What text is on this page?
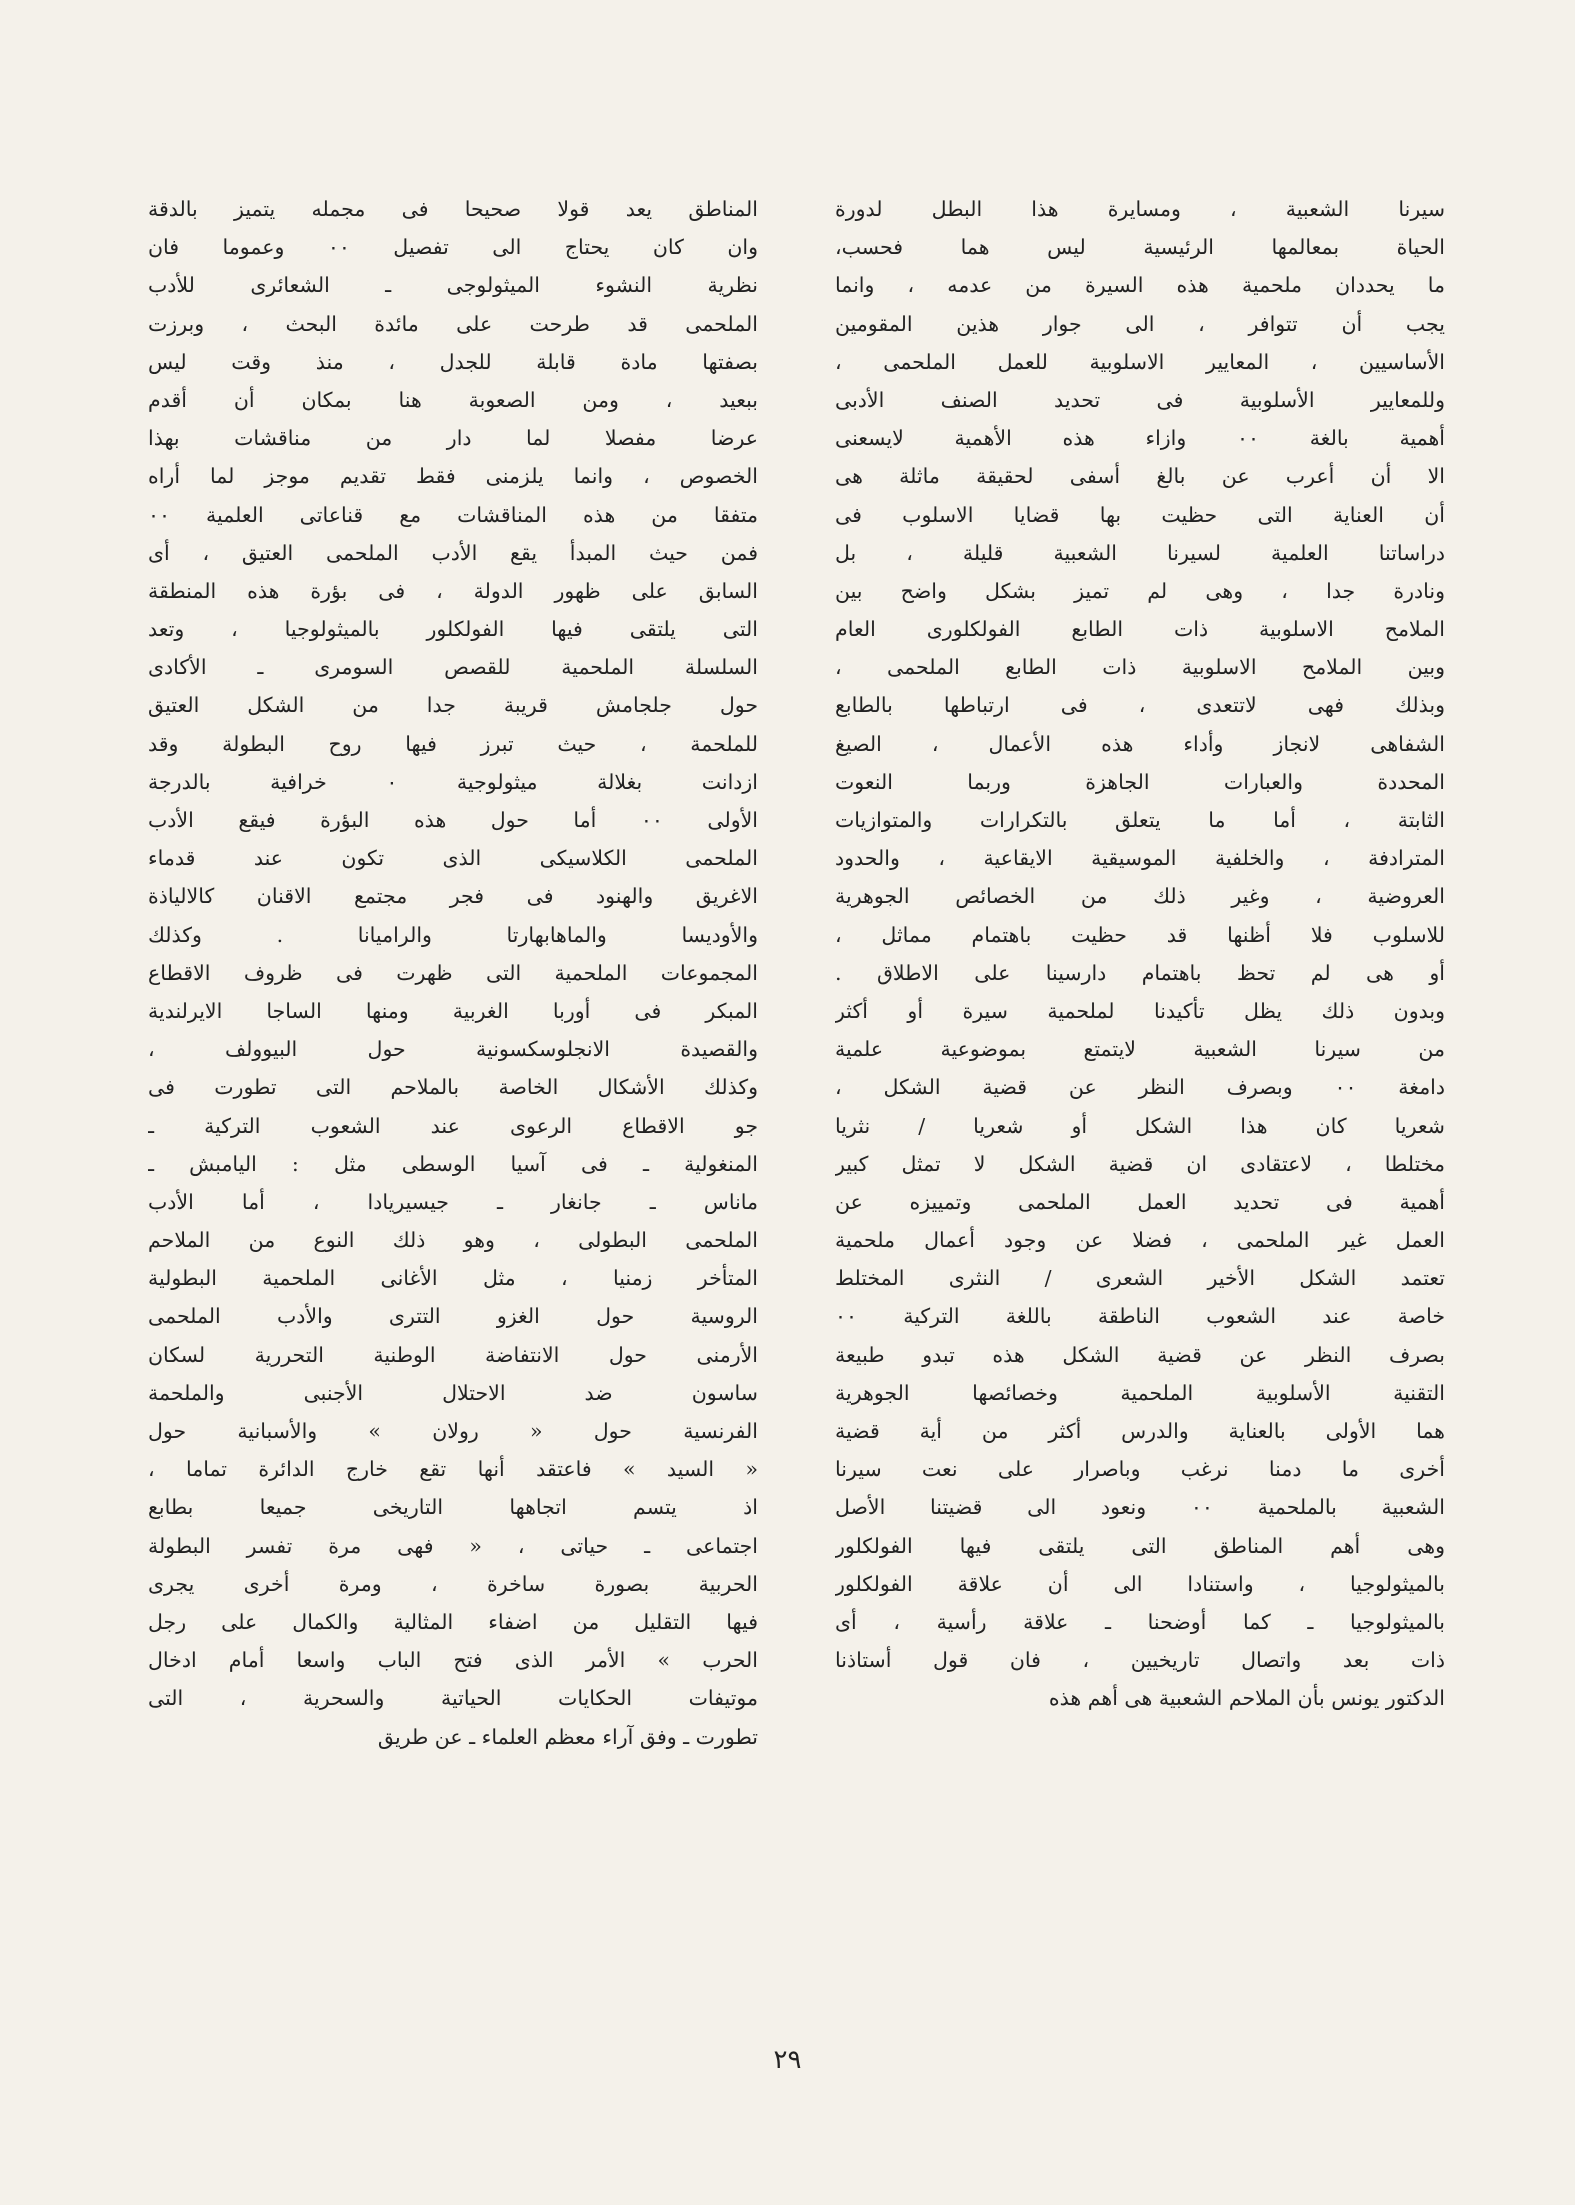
سيرنا الشعبية ، ومسايرة هذا البطل لدورة
الحياة بمعالمها الرئيسية ليس هما فحسب،
ما يحددان ملحمية هذه السيرة من عدمه ، وانما
يجب أن تتوافر ، الى جوار هذين المقومين
الأساسيين ، المعايير الاسلوبية للعمل الملحمى ،
وللمعايير الأسلوبية فى تحديد الصنف الأدبى
أهمية بالغة ٠٠ وازاء هذه الأهمية لايسعنى
الا أن أعرب عن بالغ أسفى لحقيقة ماثلة هى
أن العناية التى حظيت بها قضايا الاسلوب فى
دراساتنا العلمية لسيرنا الشعبية قليلة ، بل
ونادرة جدا ، وهى لم تميز بشكل واضح بين
الملامح الاسلوبية ذات الطابع الفولكلورى العام
وبين الملامح الاسلوبية ذات الطابع الملحمى ،
وبذلك فهى لاتتعدى ، فى ارتباطها بالطابع
الشفاهى لانجاز وأداء هذه الأعمال ، الصيغ
المحددة والعبارات الجاهزة وربما النعوت
الثابتة ، أما ما يتعلق بالتكرارات والمتوازيات
المترادفة ، والخلفية الموسيقية الايقاعية ، والحدود
العروضية ، وغير ذلك من الخصائص الجوهرية
للاسلوب فلا أظنها قد حظيت باهتمام مماثل ،
أو هى لم تحظ باهتمام دارسينا على الاطلاق .
وبدون ذلك يظل تأكيدنا لملحمية سيرة أو أكثر
من سيرنا الشعبية لايتمتع بموضوعية علمية
دامغة ٠٠ وبصرف النظر عن قضية الشكل ،
شعريا كان هذا الشكل أو شعريا / نثريا
مختلطا ، لاعتقادى ان قضية الشكل لا تمثل كبير
أهمية فى تحديد العمل الملحمى وتمييزه عن
العمل غير الملحمى ، فضلا عن وجود أعمال ملحمية
تعتمد الشكل الأخير الشعرى / النثرى المختلط
خاصة عند الشعوب الناطقة باللغة التركية ٠٠
بصرف النظر عن قضية الشكل هذه تبدو طبيعة
التقنية الأسلوبية الملحمية وخصائصها الجوهرية
هما الأولى بالعناية والدرس أكثر من أية قضية
أخرى ما دمنا نرغب وباصرار على نعت سيرنا
الشعبية بالملحمية ٠٠ ونعود الى قضيتنا الأصل
وهى أهم المناطق التى يلتقى فيها الفولكلور
بالميثولوجيا ، واستنادا الى أن علاقة الفولكلور
بالميثولوجيا ـ كما أوضحنا ـ علاقة رأسية ، أى
ذات بعد واتصال تاريخيين ، فان قول أستاذنا
الدكتور يونس بأن الملاحم الشعبية هى أهم هذه
المناطق يعد قولا صحيحا فى مجمله يتميز بالدقة
وان كان يحتاج الى تفصيل ٠٠ وعموما فان
نظرية النشوء الميثولوجى ـ الشعائرى للأدب
الملحمى قد طرحت على مائدة البحث ، وبرزت
بصفتها مادة قابلة للجدل ، منذ وقت ليس
ببعيد ، ومن الصعوبة هنا بمكان أن أقدم
عرضا مفصلا لما دار من مناقشات بهذا
الخصوص ، وانما يلزمنى فقط تقديم موجز لما أراه
متفقا من هذه المناقشات مع قناعاتى العلمية ٠٠
فمن حيث المبدأ يقع الأدب الملحمى العتيق ، أى
السابق على ظهور الدولة ، فى بؤرة هذه المنطقة
التى يلتقى فيها الفولكلور بالميثولوجيا ، وتعد
السلسلة الملحمية للقصص السومرى ـ الأكادى
حول جلجامش قريبة جدا من الشكل العتيق
للملحمة ، حيث تبرز فيها روح البطولة وقد
ازدانت بغلالة ميثولوجية ٠ خرافية بالدرجة
الأولى ٠٠ أما حول هذه البؤرة فيقع الأدب
الملحمى الكلاسيكى الذى تكون عند قدماء
الاغريق والهنود فى فجر مجتمع الاقنان كالالياذة
والأوديسا والماهابهارتا والراميانا . وكذلك
المجموعات الملحمية التى ظهرت فى ظروف الاقطاع
المبكر فى أوربا الغربية ومنها الساجا الايرلندية
والقصيدة الانجلوسكسونية حول البيوولف ،
وكذلك الأشكال الخاصة بالملاحم التى تطورت فى
جو الاقطاع الرعوى عند الشعوب التركية ـ
المنغولية ـ فى آسيا الوسطى مثل : اليامبش ـ
ماناس ـ جانغار ـ جيسيريادا ، أما الأدب
الملحمى البطولى ، وهو ذلك النوع من الملاحم
المتأخر زمنيا ، مثل الأغانى الملحمية البطولية
الروسية حول الغزو التترى والأدب الملحمى
الأرمنى حول الانتفاضة الوطنية التحررية لسكان
ساسون ضد الاحتلال الأجنبى والملحمة
الفرنسية حول « رولان » والأسبانية حول
« السيد » فاعتقد أنها تقع خارج الدائرة تماما ،
اذ يتسم اتجاهها التاريخى جميعا بطابع
اجتماعى ـ حياتى ، « فهى مرة تفسر البطولة
الحربية بصورة ساخرة ، ومرة أخرى يجرى
فيها التقليل من اضفاء المثالية والكمال على رجل
الحرب » الأمر الذى فتح الباب واسعا أمام ادخال
موتيفات الحكايات الحياتية والسحرية ، التى
تطورت ـ وفق آراء معظم العلماء ـ عن طريق
٢٩
